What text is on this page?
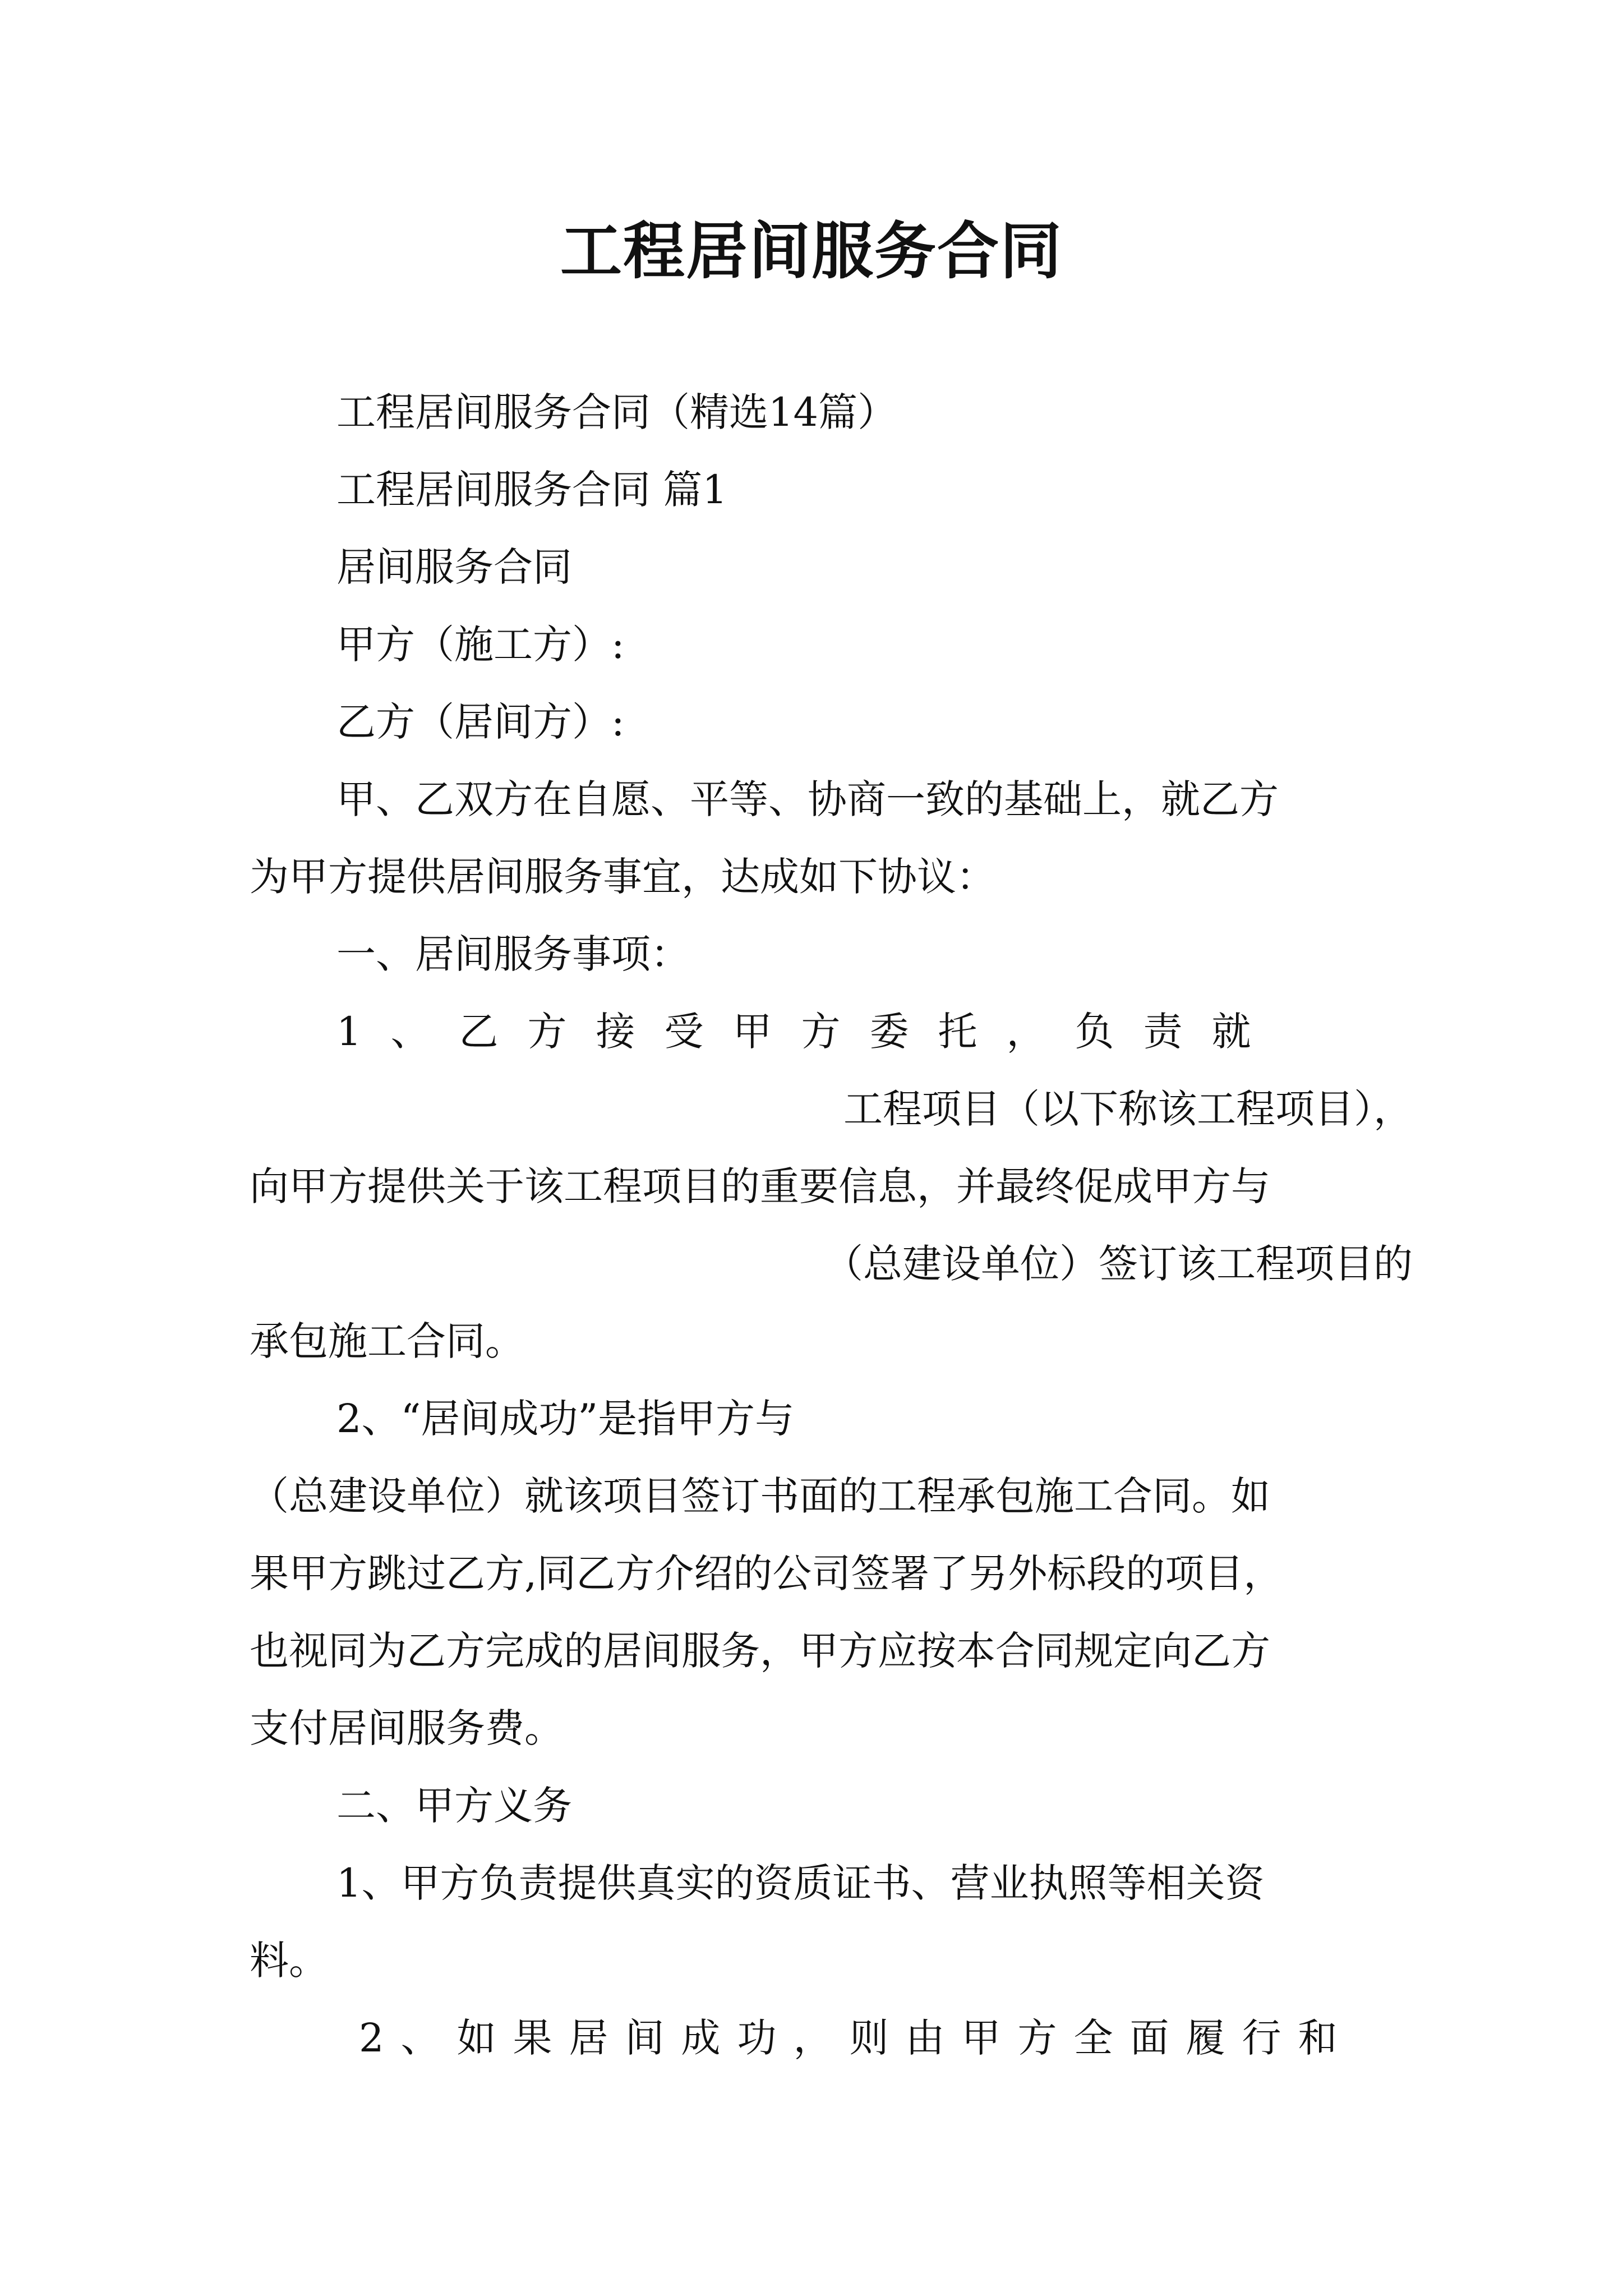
工程居间服务合同
工程居间服务合同（精选14篇）
工程居间服务合同 篇1
居间服务合同
甲方（施工方）:
乙方（居间方）:
甲、乙双方在自愿、平等、协商一致的基础上，就乙方
为甲方提供居间服务事宜，达成如下协议：
一、居间服务事项：
1、乙方接受甲方委托，负责就
工程项目（以下称该工程项目），
向甲方提供关于该工程项目的重要信息，并最终促成甲方与
（总建设单位）签订该工程项目的
承包施工合同。
2、“居间成功”是指甲方与
（总建设单位）就该项目签订书面的工程承包施工合同。如
果甲方跳过乙方,同乙方介绍的公司签署了另外标段的项目，
也视同为乙方完成的居间服务，甲方应按本合同规定向乙方
支付居间服务费。
二、甲方义务
1、甲方负责提供真实的资质证书、营业执照等相关资
料。
2、如果居间成功，则由甲方全面履行和
